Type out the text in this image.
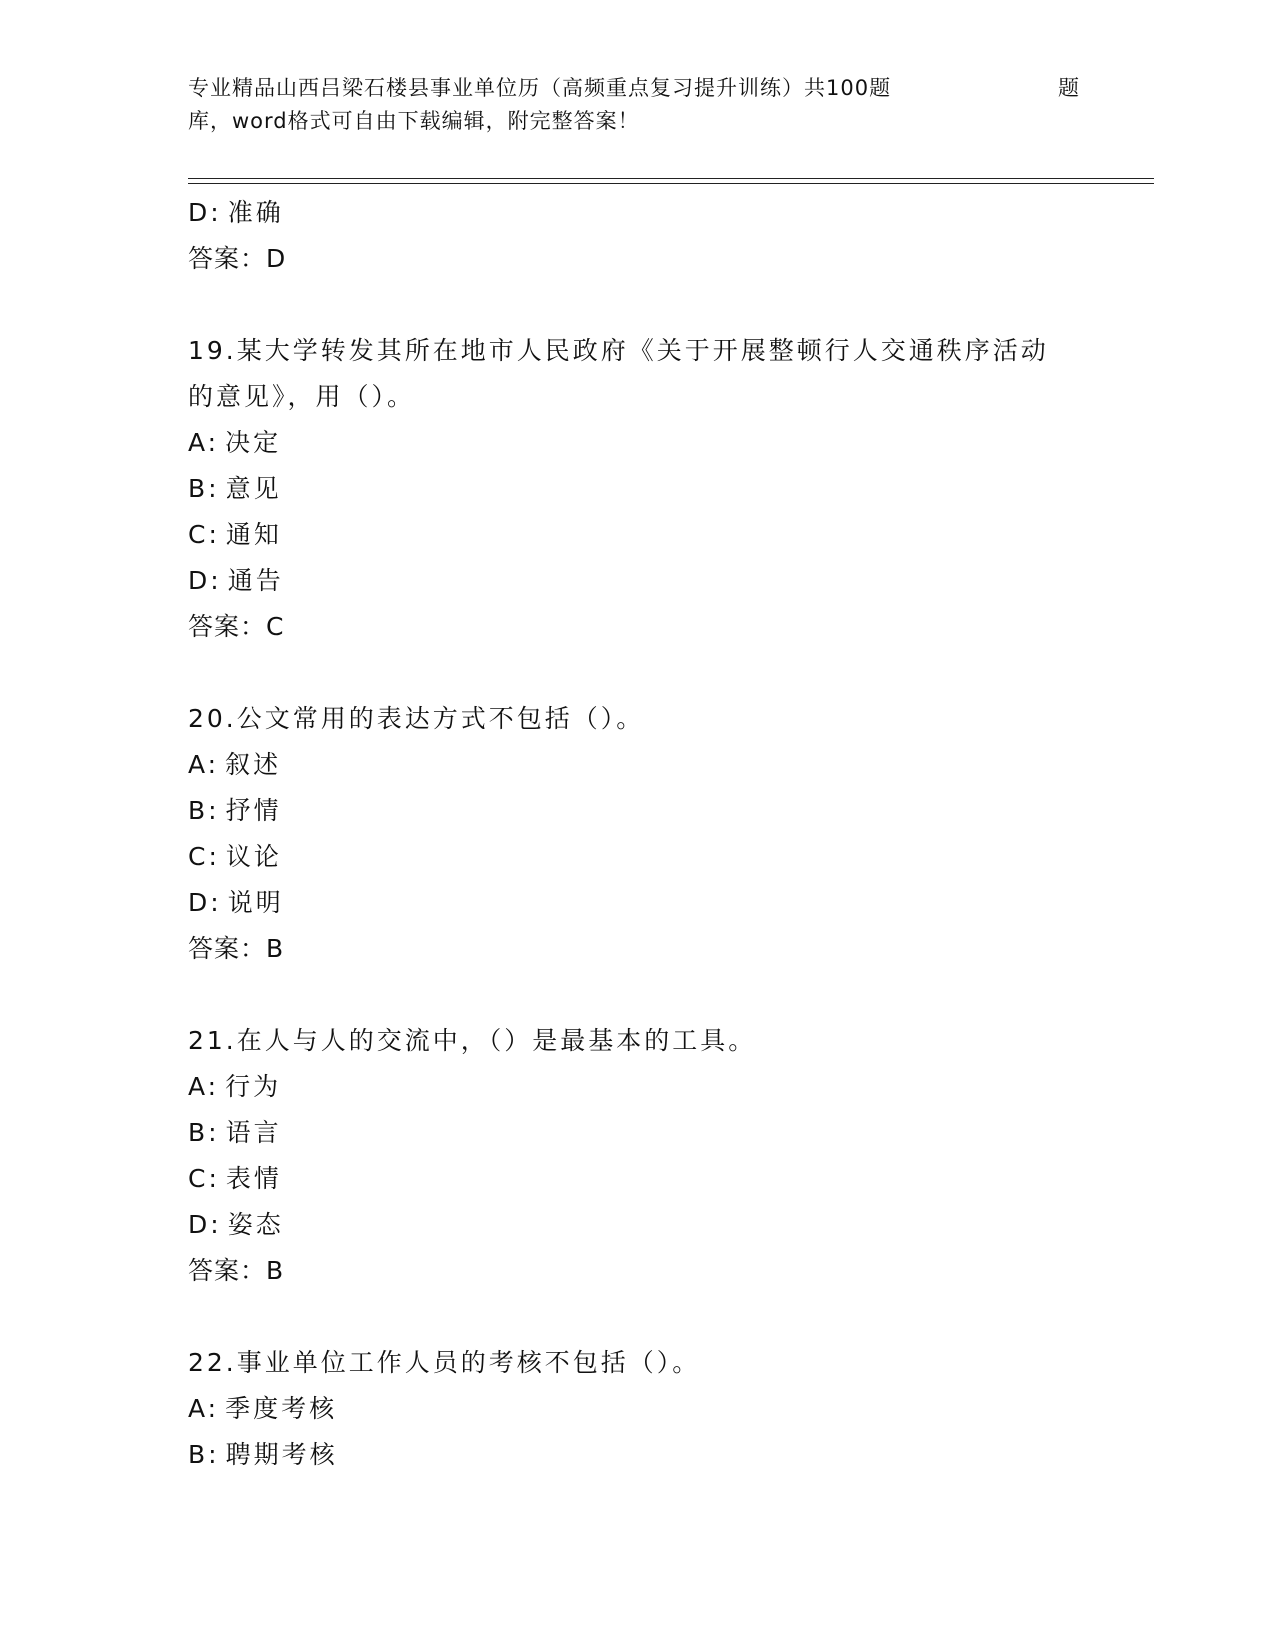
专业精品山西吕梁石楼县事业单位历（高频重点复习提升训练）共100题	题
库，word格式可自由下载编辑，附完整答案！
D: 准确
答案：D
19.某大学转发其所在地市人民政府《关于开展整顿行人交通秩序活动
的意见》，用（）。
A: 决定
B: 意见
C: 通知
D: 通告
答案：C
20.公文常用的表达方式不包括（）。
A: 叙述
B: 抒情
C: 议论
D: 说明
答案：B
21.在人与人的交流中，（）是最基本的工具。
A: 行为
B: 语言
C: 表情
D: 姿态
答案：B
22.事业单位工作人员的考核不包括（）。
A: 季度考核
B: 聘期考核
